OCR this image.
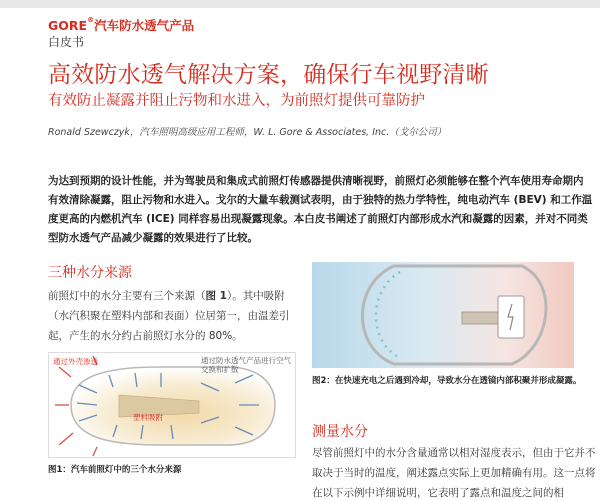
GORE®汽车防水透气产品
白皮书
高效防水透气解决方案，确保行车视野清晰
有效防止凝露并阻止污物和水进入，为前照灯提供可靠防护
Ronald Szewczyk，汽车照明高级应用工程师，W. L. Gore & Associates, Inc.（戈尔公司）
为达到预期的设计性能，并为驾驶员和集成式前照灯传感器提供清晰视野，前照灯必须能够在整个汽车使用寿命期内有效清除凝露，阻止污物和水进入。戈尔的大量车载测试表明，由于独特的热力学特性，纯电动汽车 (BEV) 和工作温度更高的内燃机汽车 (ICE) 同样容易出现凝露现象。本白皮书阐述了前照灯内部形成水汽和凝露的因素，并对不同类型防水透气产品减少凝露的效果进行了比较。
三种水分来源
前照灯中的水分主要有三个来源（图 1）。其中吸附（水汽积聚在塑料内部和表面）位居第一，由温差引起，产生的水分约占前照灯水分的 80%。
通过外壳渗透	通过防水透气产品进行空气交换和扩散
塑料吸附
图1：汽车前照灯中的三个水分来源
图2：在快速充电之后遇到冷却，导致水分在透镜内部积聚并形成凝露。
测量水分
尽管前照灯中的水分含量通常以相对湿度表示，但由于它并不取决于当时的温度，阐述露点实际上更加精确有用。这一点将在以下示例中详细说明，它表明了露点和温度之间的相
